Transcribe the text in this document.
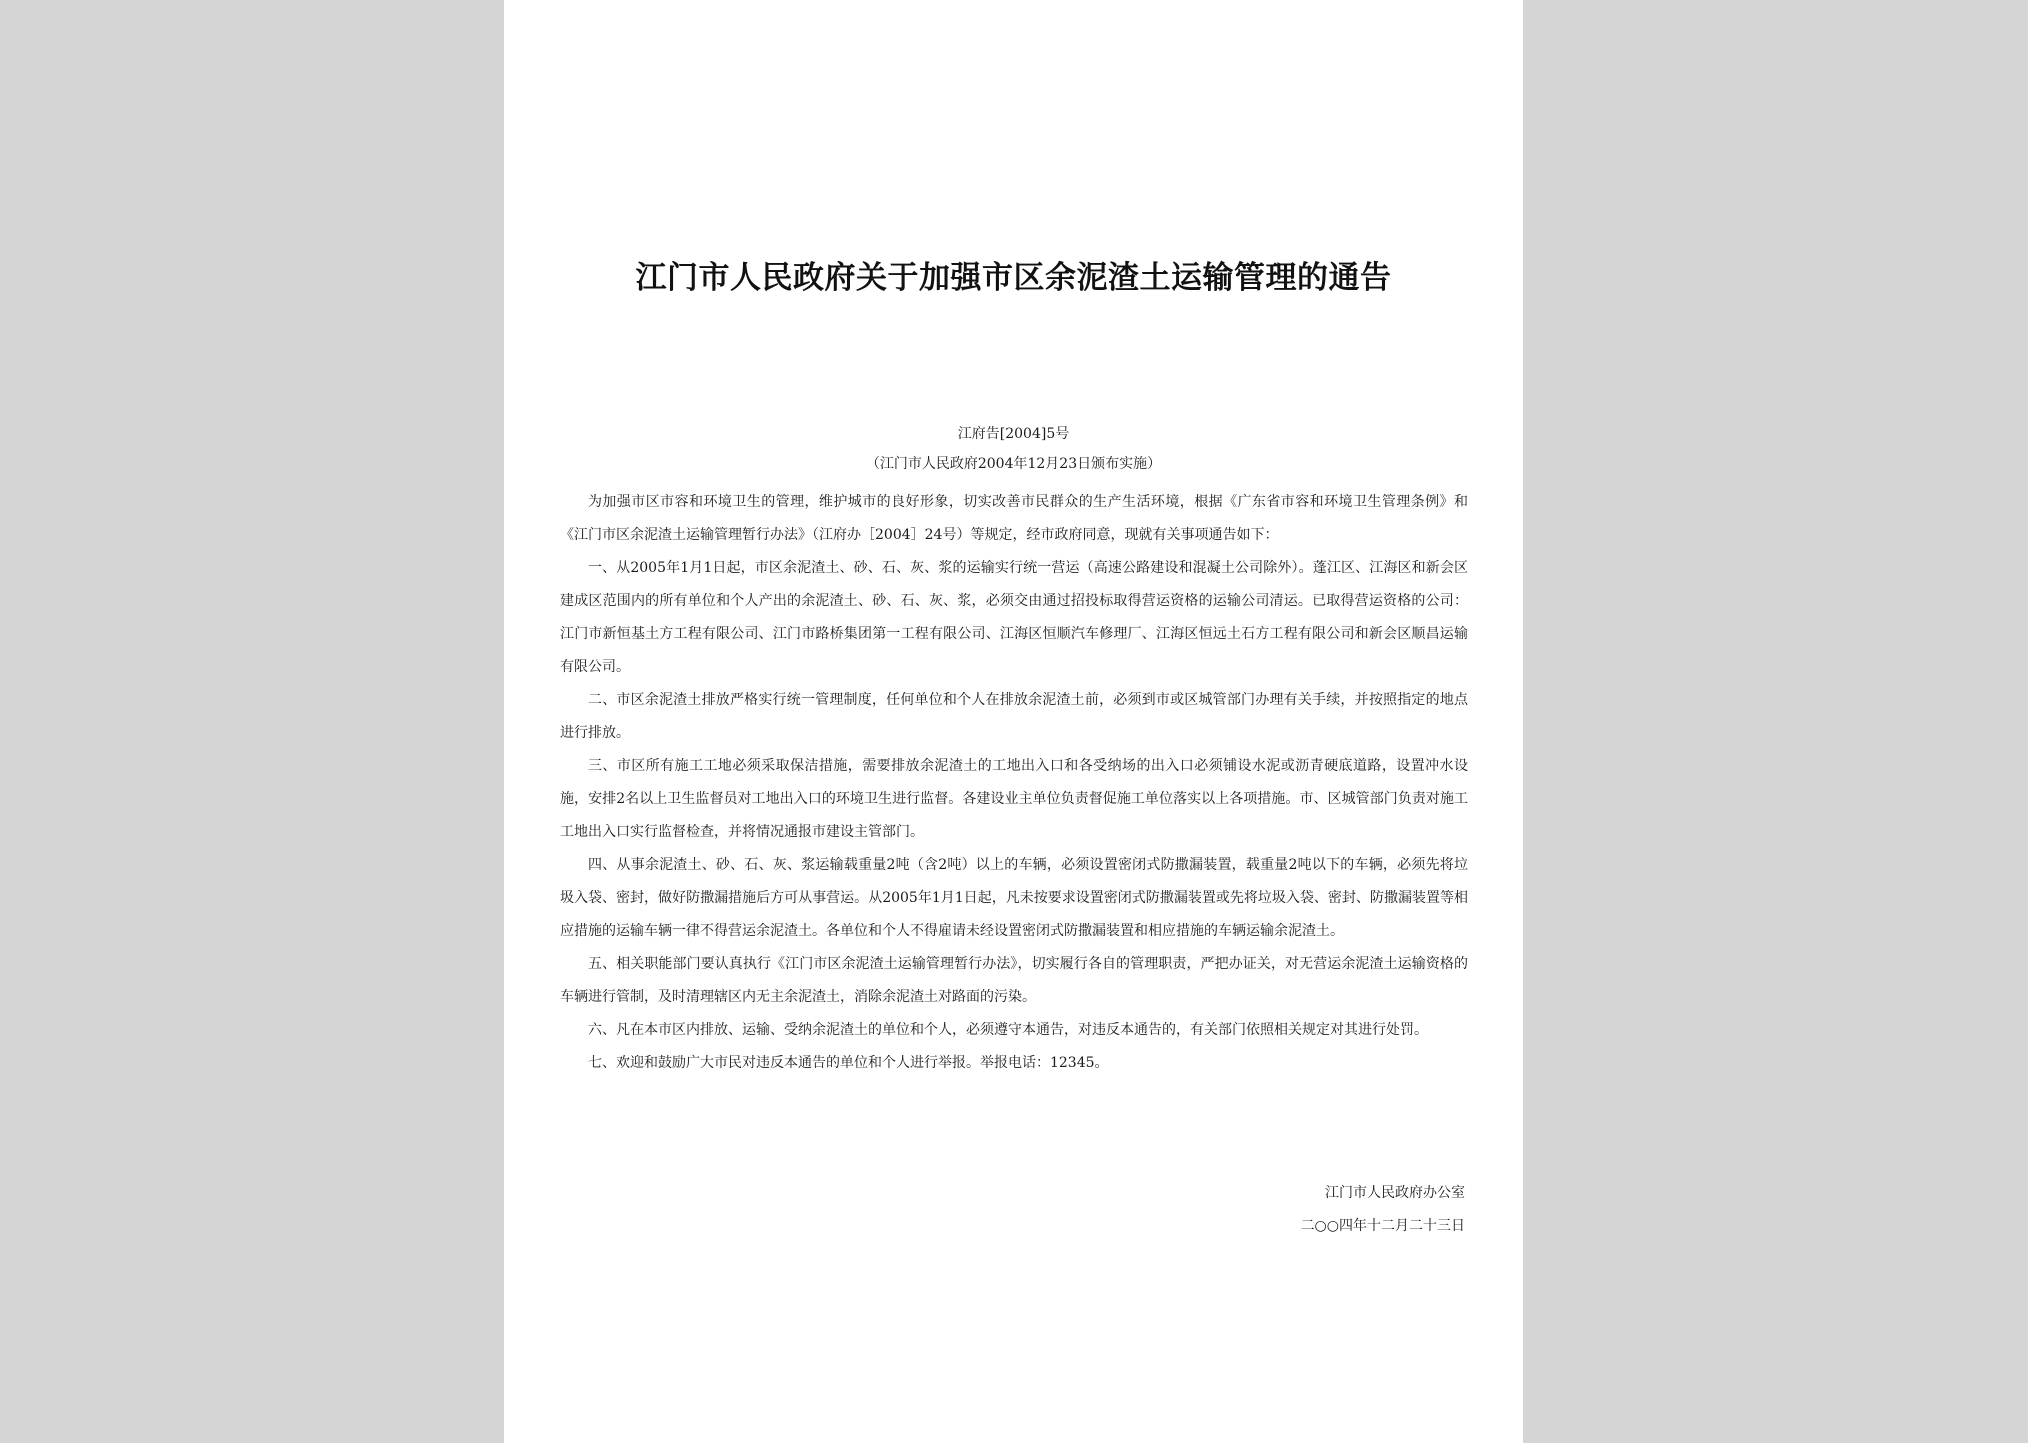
江门市人民政府关于加强市区余泥渣土运输管理的通告
江府告[2004]5号
（江门市人民政府2004年12月23日颁布实施）

为加强市区市容和环境卫生的管理，维护城市的良好形象，切实改善市民群众的生产生活环境，根据《广东省市容和环境卫生管理条例》和《江门市区余泥渣土运输管理暂行办法》（江府办［2004］24号）等规定，经市政府同意，现就有关事项通告如下：

一、从2005年1月1日起，市区余泥渣土、砂、石、灰、浆的运输实行统一营运（高速公路建设和混凝土公司除外）。蓬江区、江海区和新会区建成区范围内的所有单位和个人产出的余泥渣土、砂、石、灰、浆，必须交由通过招投标取得营运资格的运输公司清运。已取得营运资格的公司：江门市新恒基土方工程有限公司、江门市路桥集团第一工程有限公司、江海区恒顺汽车修理厂、江海区恒远土石方工程有限公司和新会区顺昌运输有限公司。

二、市区余泥渣土排放严格实行统一管理制度，任何单位和个人在排放余泥渣土前，必须到市或区城管部门办理有关手续，并按照指定的地点进行排放。

三、市区所有施工工地必须采取保洁措施，需要排放余泥渣土的工地出入口和各受纳场的出入口必须铺设水泥或沥青硬底道路，设置冲水设施，安排2名以上卫生监督员对工地出入口的环境卫生进行监督。各建设业主单位负责督促施工单位落实以上各项措施。市、区城管部门负责对施工工地出入口实行监督检查，并将情况通报市建设主管部门。

四、从事余泥渣土、砂、石、灰、浆运输载重量2吨（含2吨）以上的车辆，必须设置密闭式防撒漏装置，载重量2吨以下的车辆，必须先将垃圾入袋、密封，做好防撒漏措施后方可从事营运。从2005年1月1日起，凡未按要求设置密闭式防撒漏装置或先将垃圾入袋、密封、防撒漏装置等相应措施的运输车辆一律不得营运余泥渣土。各单位和个人不得雇请未经设置密闭式防撒漏装置和相应措施的车辆运输余泥渣土。

五、相关职能部门要认真执行《江门市区余泥渣土运输管理暂行办法》，切实履行各自的管理职责，严把办证关，对无营运余泥渣土运输资格的车辆进行管制，及时清理辖区内无主余泥渣土，消除余泥渣土对路面的污染。

六、凡在本市区内排放、运输、受纳余泥渣土的单位和个人，必须遵守本通告，对违反本通告的，有关部门依照相关规定对其进行处罚。

七、欢迎和鼓励广大市民对违反本通告的单位和个人进行举报。举报电话：12345。

江门市人民政府办公室
二○○四年十二月二十三日
